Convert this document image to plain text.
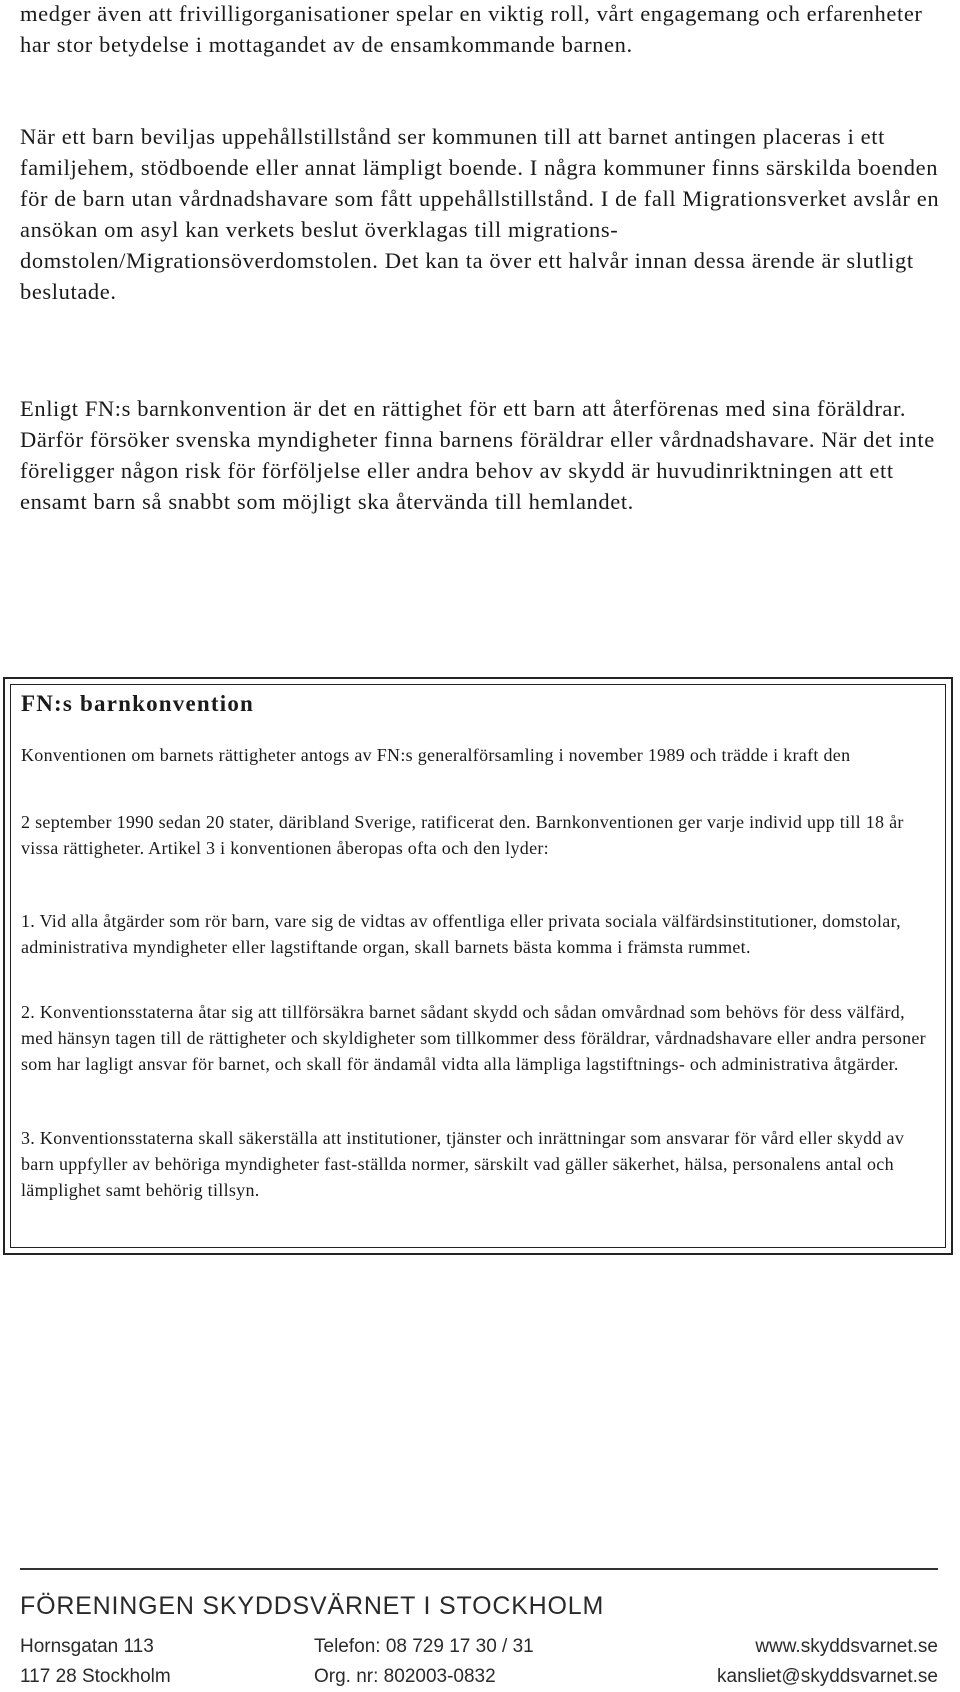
medger även att frivilligorganisationer spelar en viktig roll, vårt engagemang och erfarenheter har stor betydelse i mottagandet av de ensamkommande barnen.

När ett barn beviljas uppehållstillstånd ser kommunen till att barnet antingen placeras i ett familjehem, stödboende eller annat lämpligt boende. I några kommuner finns särskilda boenden för de barn utan vårdnadshavare som fått uppehållstillstånd. I de fall Migrationsverket avslår en ansökan om asyl kan verkets beslut överklagas till migrations-domstolen/Migrationsöverdomstolen. Det kan ta över ett halvår innan dessa ärende är slutligt beslutade.

Enligt FN:s barnkonvention är det en rättighet för ett barn att återförenas med sina föräldrar. Därför försöker svenska myndigheter finna barnens föräldrar eller vårdnadshavare. När det inte föreligger någon risk för förföljelse eller andra behov av skydd är huvudinriktningen att ett ensamt barn så snabbt som möjligt ska återvända till hemlandet.

FN:s barnkonvention

Konventionen om barnets rättigheter antogs av FN:s generalförsamling i november 1989 och trädde i kraft den

2 september 1990 sedan 20 stater, däribland Sverige, ratificerat den. Barnkonventionen ger varje individ upp till 18 år vissa rättigheter. Artikel 3 i konventionen åberopas ofta och den lyder:

1. Vid alla åtgärder som rör barn, vare sig de vidtas av offentliga eller privata sociala välfärdsinstitutioner, domstolar, administrativa myndigheter eller lagstiftande organ, skall barnets bästa komma i främsta rummet.

2. Konventionsstaterna åtar sig att tillförsäkra barnet sådant skydd och sådan omvårdnad som behövs för dess välfärd, med hänsyn tagen till de rättigheter och skyldigheter som tillkommer dess föräldrar, vårdnadshavare eller andra personer som har lagligt ansvar för barnet, och skall för ändamål vidta alla lämpliga lagstiftnings- och administrativa åtgärder.

3. Konventionsstaterna skall säkerställa att institutioner, tjänster och inrättningar som ansvarar för vård eller skydd av barn uppfyller av behöriga myndigheter fast-ställda normer, särskilt vad gäller säkerhet, hälsa, personalens antal och lämplighet samt behörig tillsyn.

FÖRENINGEN SKYDDSVÄRNET I STOCKHOLM

Hornsgatan 113
117 28 Stockholm

Telefon: 08 729 17 30 / 31
Org. nr: 802003-0832

www.skyddsvarnet.se
kansliet@skyddsvarnet.se
